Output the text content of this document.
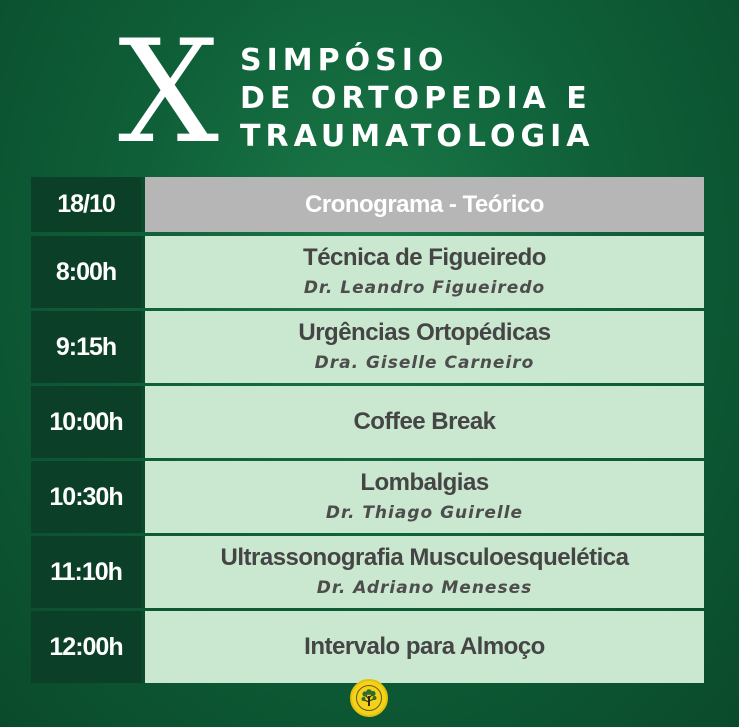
X SIMPÓSIO
DE ORTOPEDIA E
TRAUMATOLOGIA
18/10	Cronograma - Teórico
8:00h	Técnica de Figueiredo
Dr. Leandro Figueiredo
9:15h	Urgências Ortopédicas
Dra. Giselle Carneiro
10:00h	Coffee Break
10:30h	Lombalgias
Dr. Thiago Guirelle
11:10h	Ultrassonografia Musculoesquelética
Dr. Adriano Meneses
12:00h	Intervalo para Almoço
